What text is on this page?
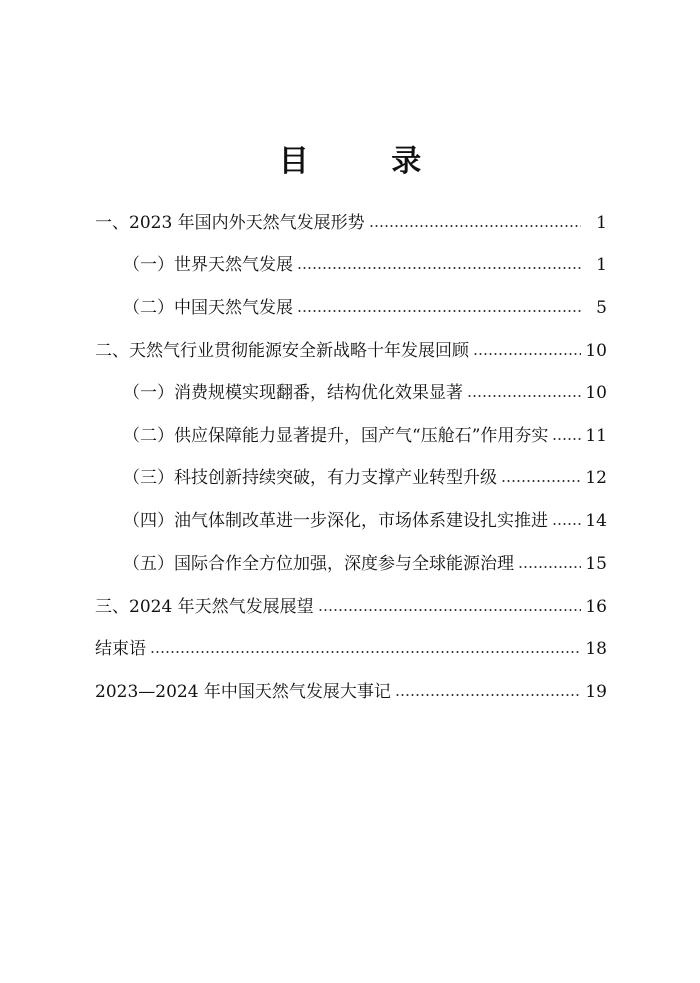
目 录
一、2023 年国内外天然气发展形势	1
（一）世界天然气发展	1
（二）中国天然气发展	5
二、天然气行业贯彻能源安全新战略十年发展回顾	10
（一）消费规模实现翻番，结构优化效果显著	10
（二）供应保障能力显著提升，国产气“压舱石”作用夯实 11
（三）科技创新持续突破，有力支撑产业转型升级	12
（四）油气体制改革进一步深化，市场体系建设扎实推进 14
（五）国际合作全方位加强，深度参与全球能源治理	15
三、2024 年天然气发展展望	16
结束语	18
2023—2024 年中国天然气发展大事记	19
